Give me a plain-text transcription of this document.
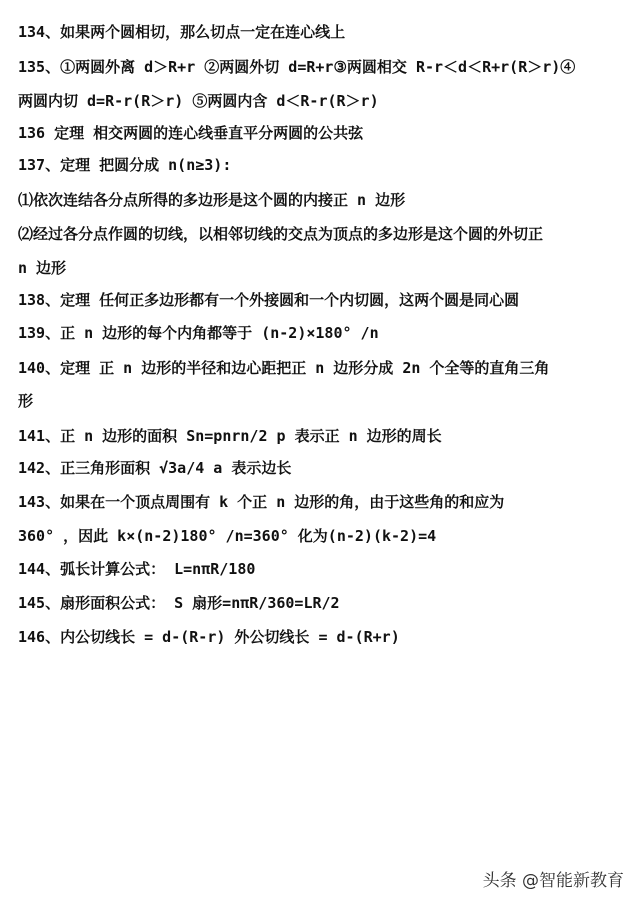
134、如果两个圆相切，那么切点一定在连心线上
135、①两圆外离 d＞R+r ②两圆外切 d=R+r③两圆相交 R-r＜d＜R+r(R＞r)④
两圆内切 d=R-r(R＞r) ⑤两圆内含 d＜R-r(R＞r)
136 定理 相交两圆的连心线垂直平分两圆的公共弦
137、定理 把圆分成 n(n≥3):
⑴依次连结各分点所得的多边形是这个圆的内接正 n 边形
⑵经过各分点作圆的切线，以相邻切线的交点为顶点的多边形是这个圆的外切正
n 边形
138、定理 任何正多边形都有一个外接圆和一个内切圆，这两个圆是同心圆
139、正 n 边形的每个内角都等于 (n-2)×180° /n
140、定理 正 n 边形的半径和边心距把正 n 边形分成 2n 个全等的直角三角
形
141、正 n 边形的面积 Sn=pnrn/2 p 表示正 n 边形的周长
142、正三角形面积 √3a/4 a 表示边长
143、如果在一个顶点周围有 k 个正 n 边形的角，由于这些角的和应为
360° ，因此 k×(n-2)180° /n=360° 化为(n-2)(k-2)=4
144、弧长计算公式： L=nπR/180
145、扇形面积公式： S 扇形=nπR/360=LR/2
146、内公切线长 = d-(R-r) 外公切线长 = d-(R+r)
头条 @智能新教育
